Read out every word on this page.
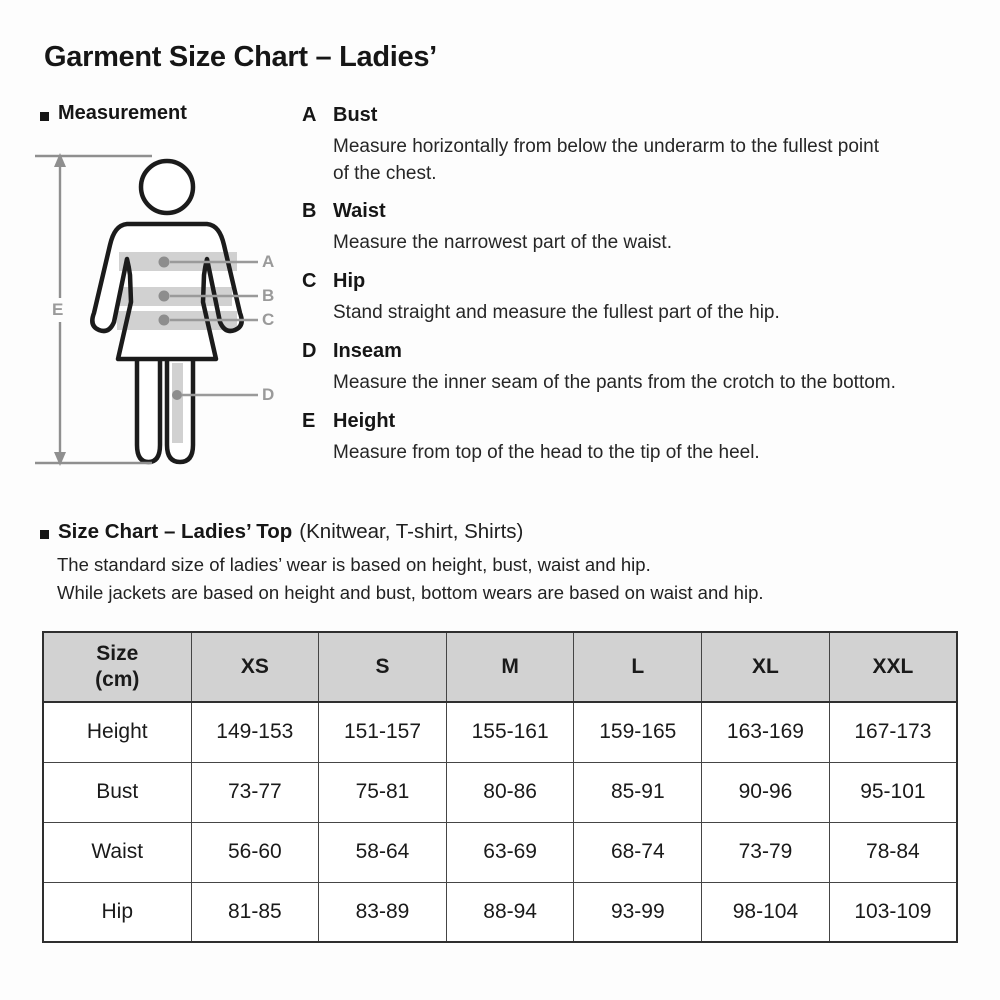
Garment Size Chart – Ladies’
Measurement
A
B
C
D
E
A Bust
Measure horizontally from below the underarm to the fullest point
of the chest.
B Waist
Measure the narrowest part of the waist.
C Hip
Stand straight and measure the fullest part of the hip.
D Inseam
Measure the inner seam of the pants from the crotch to the bottom.
E Height
Measure from top of the head to the tip of the heel.
Size Chart – Ladies’ Top (Knitwear, T-shirt, Shirts)
The standard size of ladies’ wear is based on height, bust, waist and hip.
While jackets are based on height and bust, bottom wears are based on waist and hip.
Size
(cm)	XS	S	M	L	XL	XXL
Height	149-153	151-157	155-161	159-165	163-169	167-173
Bust	73-77	75-81	80-86	85-91	90-96	95-101
Waist	56-60	58-64	63-69	68-74	73-79	78-84
Hip	81-85	83-89	88-94	93-99	98-104	103-109
